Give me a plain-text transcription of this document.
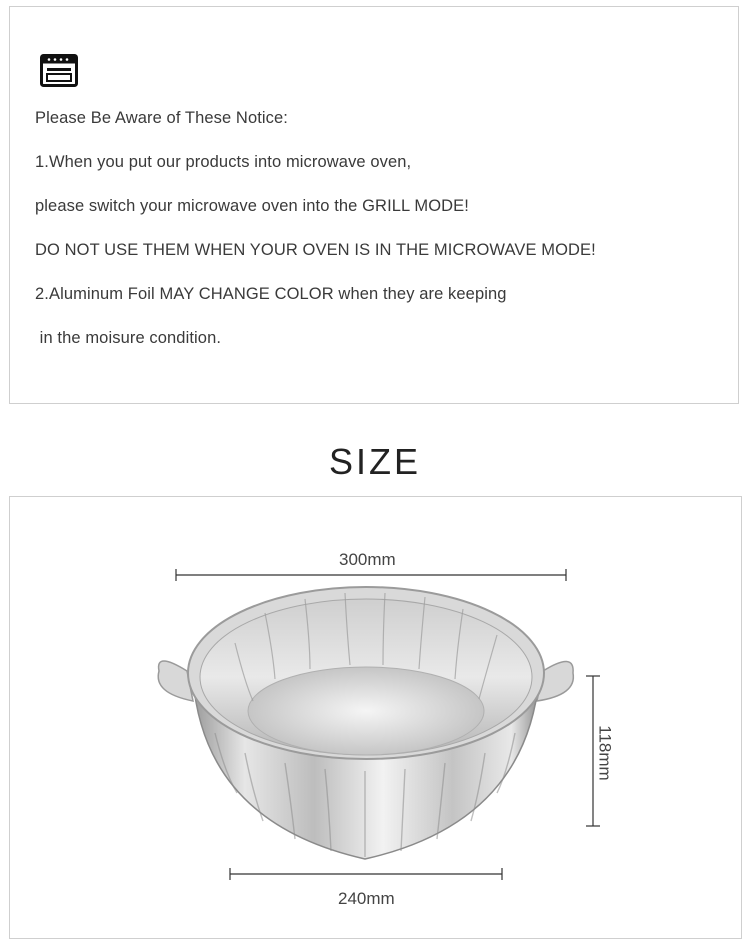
Please Be Aware of These Notice:
1.When you put our products into microwave oven,
please switch your microwave oven into the GRILL MODE!
DO NOT USE THEM WHEN YOUR OVEN IS IN THE MICROWAVE MODE!
2.Aluminum Foil MAY CHANGE COLOR when they are keeping
in the moisure condition.
SIZE
300mm
118mm
240mm
